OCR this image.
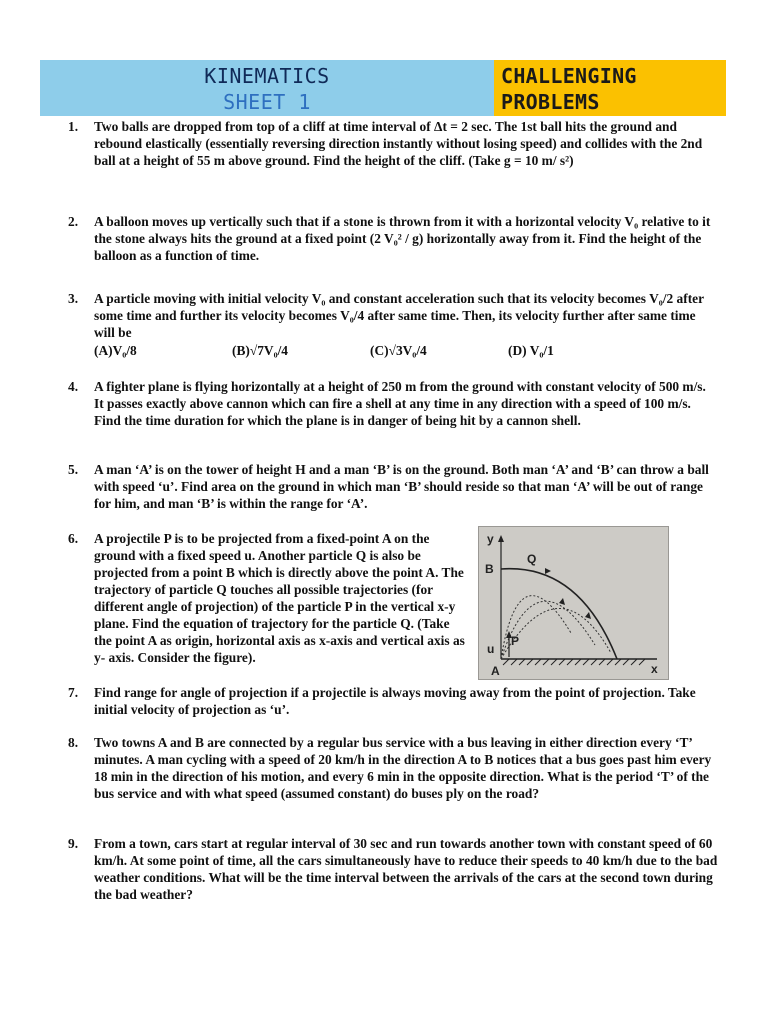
KINEMATICS
SHEET 1
CHALLENGING
PROBLEMS
1.	Two balls are dropped from top of a cliff at time interval of Δt = 2 sec. The 1st ball hits the ground and rebound elastically (essentially reversing direction instantly without losing speed) and collides with the 2nd ball at a height of 55 m above ground. Find the height of the cliff. (Take g = 10 m/ s²)
2.	A balloon moves up vertically such that if a stone is thrown from it with a horizontal velocity V₀ relative to it the stone always hits the ground at a fixed point (2 V₀² / g) horizontally away from it. Find the height of the balloon as a function of time.
3.	A particle moving with initial velocity V₀ and constant acceleration such that its velocity becomes V₀/2 after some time and further its velocity becomes V₀/4 after same time. Then, its velocity further after same time will be
(A)V₀/8	(B)√7V₀/4	(C)√3V₀/4	(D) V₀/1
4.	A fighter plane is flying horizontally at a height of 250 m from the ground with constant velocity of 500 m/s. It passes exactly above cannon which can fire a shell at any time in any direction with a speed of 100 m/s. Find the time duration for which the plane is in danger of being hit by a cannon shell.
5.	A man ‘A’ is on the tower of height H and a man ‘B’ is on the ground. Both man ‘A’ and ‘B’ can throw a ball with speed ‘u’. Find area on the ground in which man ‘B’ should reside so that man ‘A’ will be out of range for him, and man ‘B’ is within the range for ‘A’.
6.	A projectile P is to be projected from a fixed-point A on the ground with a fixed speed u. Another particle Q is also be projected from a point B which is directly above the point A. The trajectory of particle Q touches all possible trajectories (for different angle of projection) of the particle P in the vertical x-y plane. Find the equation of trajectory for the particle Q. (Take the point A as origin, horizontal axis as x-axis and vertical axis as y- axis. Consider the figure).
y
B
Q
u
P
A	x
7.	Find range for angle of projection if a projectile is always moving away from the point of projection. Take initial velocity of projection as ‘u’.
8.	Two towns A and B are connected by a regular bus service with a bus leaving in either direction every ‘T’ minutes. A man cycling with a speed of 20 km/h in the direction A to B notices that a bus goes past him every 18 min in the direction of his motion, and every 6 min in the opposite direction. What is the period ‘T’ of the bus service and with what speed (assumed constant) do buses ply on the road?
9.	From a town, cars start at regular interval of 30 sec and run towards another town with constant speed of 60 km/h. At some point of time, all the cars simultaneously have to reduce their speeds to 40 km/h due to the bad weather conditions. What will be the time interval between the arrivals of the cars at the second town during the bad weather?
